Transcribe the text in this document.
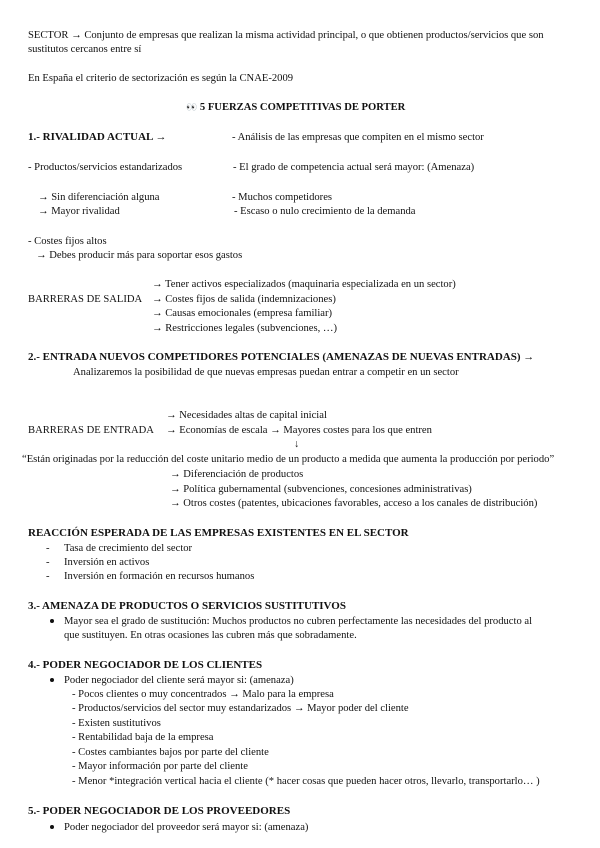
SECTOR → Conjunto de empresas que realizan la misma actividad principal, o que obtienen productos/servicios que son
sustitutos cercanos entre sí
En España el criterio de sectorización es según la CNAE-2009
👀 5 FUERZAS COMPETITIVAS DE PORTER
1.- RIVALIDAD ACTUAL →	- Análisis de las empresas que compiten en el mismo sector
- Productos/servicios estandarizados	- El grado de competencia actual será mayor: (Amenaza)
→ Sin diferenciación alguna
→ Mayor rivalidad
- Muchos competidores
- Escaso o nulo crecimiento de la demanda
- Costes fijos altos
→ Debes producir más para soportar esos gastos
→ Tener activos especializados (maquinaria especializada en un sector)
BARRERAS DE SALIDA → Costes fijos de salida (indemnizaciones)
→ Causas emocionales (empresa familiar)
→ Restricciones legales (subvenciones, …)
2.- ENTRADA NUEVOS COMPETIDORES POTENCIALES (AMENAZAS DE NUEVAS ENTRADAS) →
Analizaremos la posibilidad de que nuevas empresas puedan entrar a competir en un sector
→ Necesidades altas de capital inicial
BARRERAS DE ENTRADA → Economías de escala → Mayores costes para los que entren
↓
“Están originadas por la reducción del coste unitario medio de un producto a medida que aumenta la producción por periodo”
→ Diferenciación de productos
→ Política gubernamental (subvenciones, concesiones administrativas)
→ Otros costes (patentes, ubicaciones favorables, acceso a los canales de distribución)
REACCIÓN ESPERADA DE LAS EMPRESAS EXISTENTES EN EL SECTOR
- Tasa de crecimiento del sector
- Inversión en activos
- Inversión en formación en recursos humanos
3.- AMENAZA DE PRODUCTOS O SERVICIOS SUSTITUTIVOS
Mayor sea el grado de sustitución: Muchos productos no cubren perfectamente las necesidades del producto al
que sustituyen. En otras ocasiones las cubren más que sobradamente.
4.- PODER NEGOCIADOR DE LOS CLIENTES
Poder negociador del cliente será mayor si: (amenaza)
- Pocos clientes o muy concentrados → Malo para la empresa
- Productos/servicios del sector muy estandarizados → Mayor poder del cliente
- Existen sustitutivos
- Rentabilidad baja de la empresa
- Costes cambiantes bajos por parte del cliente
- Mayor información por parte del cliente
- Menor *integración vertical hacia el cliente (* hacer cosas que pueden hacer otros, llevarlo, transportarlo… )
5.- PODER NEGOCIADOR DE LOS PROVEEDORES
Poder negociador del proveedor será mayor si: (amenaza)
